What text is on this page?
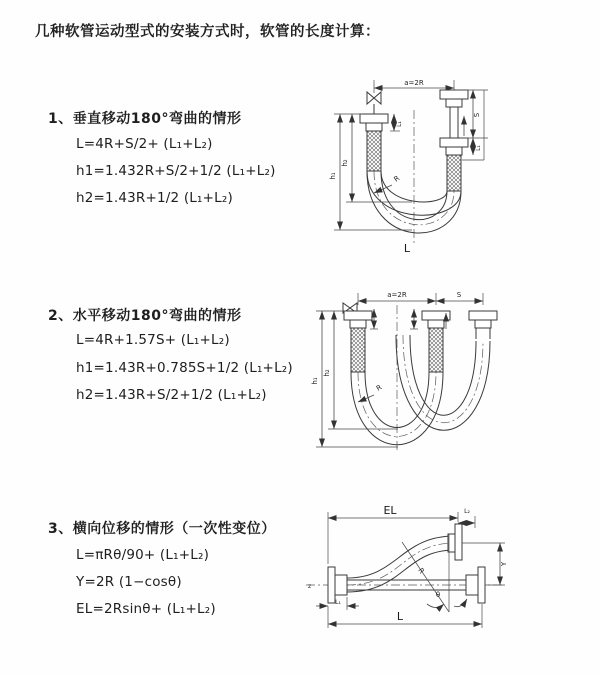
几种软管运动型式的安装方式时，软管的长度计算：
1、垂直移动180°弯曲的情形
L=4R+S/2+ (L₁+L₂)
h1=1.432R+S/2+1/2 (L₁+L₂)
h2=1.43R+1/2 (L₁+L₂)
2、水平移动180°弯曲的情形
L=4R+1.57S+ (L₁+L₂)
h1=1.43R+0.785S+1/2 (L₁+L₂)
h2=1.43R+S/2+1/2 (L₁+L₂)
3、横向位移的情形（一次性变位）
L=πRθ/90+ (L₁+L₂)
Y=2R (1−cosθ)
EL=2Rsinθ+ (L₁+L₂)
a=2R
h₁
h₂
L₁
S
L₁
R
L
a=2R	S
h₁
h₂
R
z
EL	L₂
Y
R
θ
L
L₁
